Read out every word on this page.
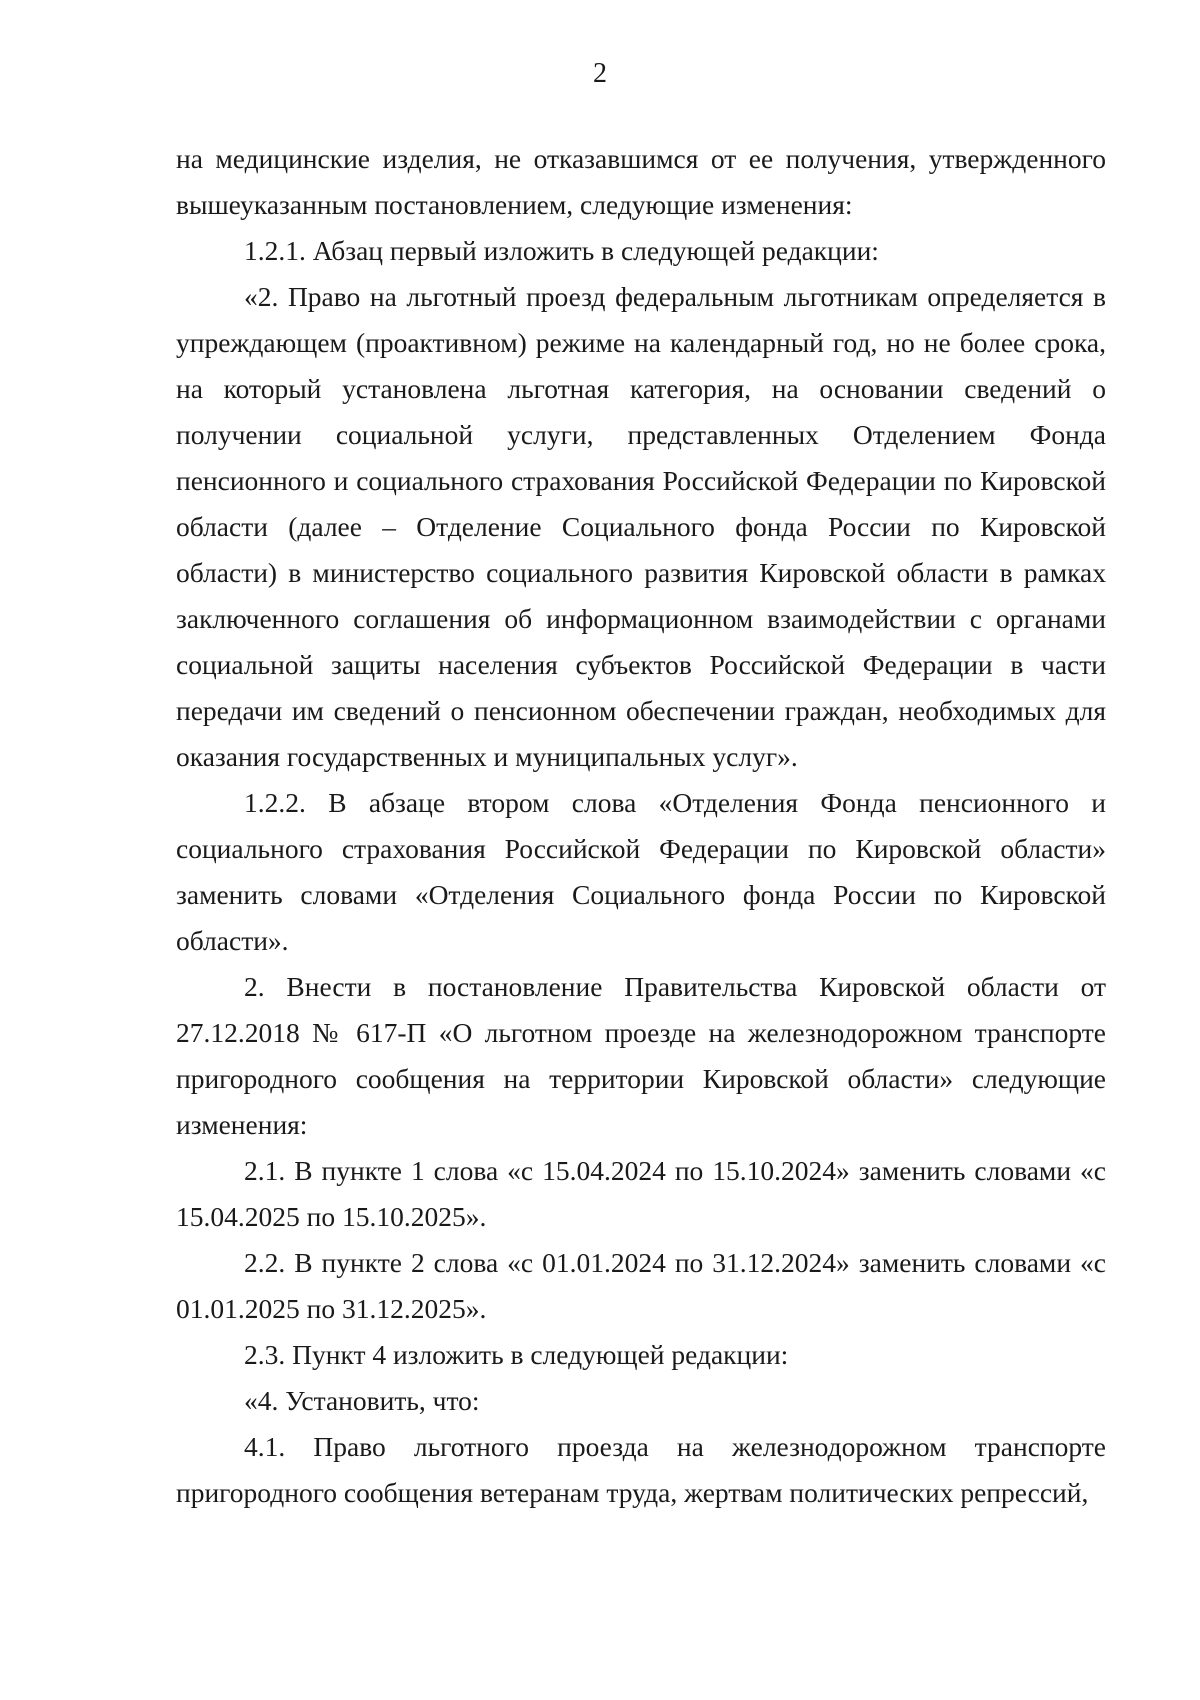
2

на медицинские изделия, не отказавшимся от ее получения, утвержденного вышеуказанным постановлением, следующие изменения:

1.2.1. Абзац первый изложить в следующей редакции:

«2. Право на льготный проезд федеральным льготникам определяется в упреждающем (проактивном) режиме на календарный год, но не более срока, на который установлена льготная категория, на основании сведений о получении социальной услуги, представленных Отделением Фонда пенсионного и социального страхования Российской Федерации по Кировской области (далее – Отделение Социального фонда России по Кировской области) в министерство социального развития Кировской области в рамках заключенного соглашения об информационном взаимодействии с органами социальной защиты населения субъектов Российской Федерации в части передачи им сведений о пенсионном обеспечении граждан, необходимых для оказания государственных и муниципальных услуг».

1.2.2. В абзаце втором слова «Отделения Фонда пенсионного и социального страхования Российской Федерации по Кировской области» заменить словами «Отделения Социального фонда России по Кировской области».

2. Внести в постановление Правительства Кировской области от 27.12.2018 № 617-П «О льготном проезде на железнодорожном транспорте пригородного сообщения на территории Кировской области» следующие изменения:

2.1. В пункте 1 слова «с 15.04.2024 по 15.10.2024» заменить словами «с 15.04.2025 по 15.10.2025».

2.2. В пункте 2 слова «с 01.01.2024 по 31.12.2024» заменить словами «с 01.01.2025 по 31.12.2025».

2.3. Пункт 4 изложить в следующей редакции:

«4. Установить, что:

4.1. Право льготного проезда на железнодорожном транспорте пригородного сообщения ветеранам труда, жертвам политических репрессий,
